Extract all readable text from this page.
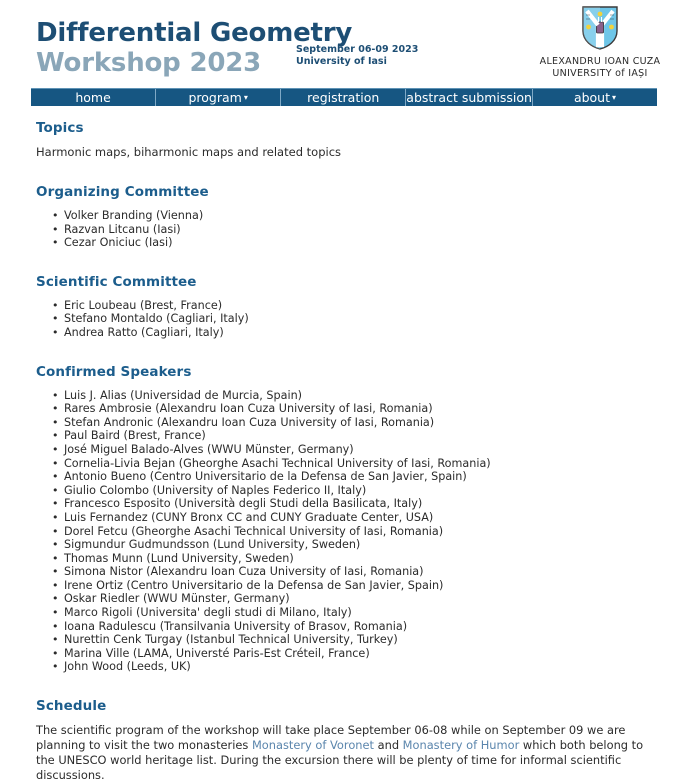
Differential Geometry
Workshop 2023	September 06-09 2023
University of Iasi	ALEXANDRU IOAN CUZA
UNIVERSITY of IAȘI
home	program ▾	registration	abstract submission	about ▾
Topics

Harmonic maps, biharmonic maps and related topics

Organizing Committee
• Volker Branding (Vienna)
• Razvan Litcanu (Iasi)
• Cezar Oniciuc (Iasi)
Scientific Committee
• Eric Loubeau (Brest, France)
• Stefano Montaldo (Cagliari, Italy)
• Andrea Ratto (Cagliari, Italy)
Confirmed Speakers
• Luis J. Alias (Universidad de Murcia, Spain)
• Rares Ambrosie (Alexandru Ioan Cuza University of Iasi, Romania)
• Stefan Andronic (Alexandru Ioan Cuza University of Iasi, Romania)
• Paul Baird (Brest, France)
• José Miguel Balado-Alves (WWU Münster, Germany)
• Cornelia-Livia Bejan (Gheorghe Asachi Technical University of Iasi, Romania)
• Antonio Bueno (Centro Universitario de la Defensa de San Javier, Spain)
• Giulio Colombo (University of Naples Federico II, Italy)
• Francesco Esposito (Università degli Studi della Basilicata, Italy)
• Luis Fernandez (CUNY Bronx CC and CUNY Graduate Center, USA)
• Dorel Fetcu (Gheorghe Asachi Technical University of Iasi, Romania)
• Sigmundur Gudmundsson (Lund University, Sweden)
• Thomas Munn (Lund University, Sweden)
• Simona Nistor (Alexandru Ioan Cuza University of Iasi, Romania)
• Irene Ortiz (Centro Universitario de la Defensa de San Javier, Spain)
• Oskar Riedler (WWU Münster, Germany)
• Marco Rigoli (Universita' degli studi di Milano, Italy)
• Ioana Radulescu (Transilvania University of Brasov, Romania)
• Nurettin Cenk Turgay (Istanbul Technical University, Turkey)
• Marina Ville (LAMA, Universté Paris-Est Créteil, France)
• John Wood (Leeds, UK)
Schedule

The scientific program of the workshop will take place September 06-08 while on September 09 we are planning to visit the two monasteries Monastery of Voronet and Monastery of Humor which both belong to the UNESCO world heritage list. During the excursion there will be plenty of time for informal scientific discussions.
